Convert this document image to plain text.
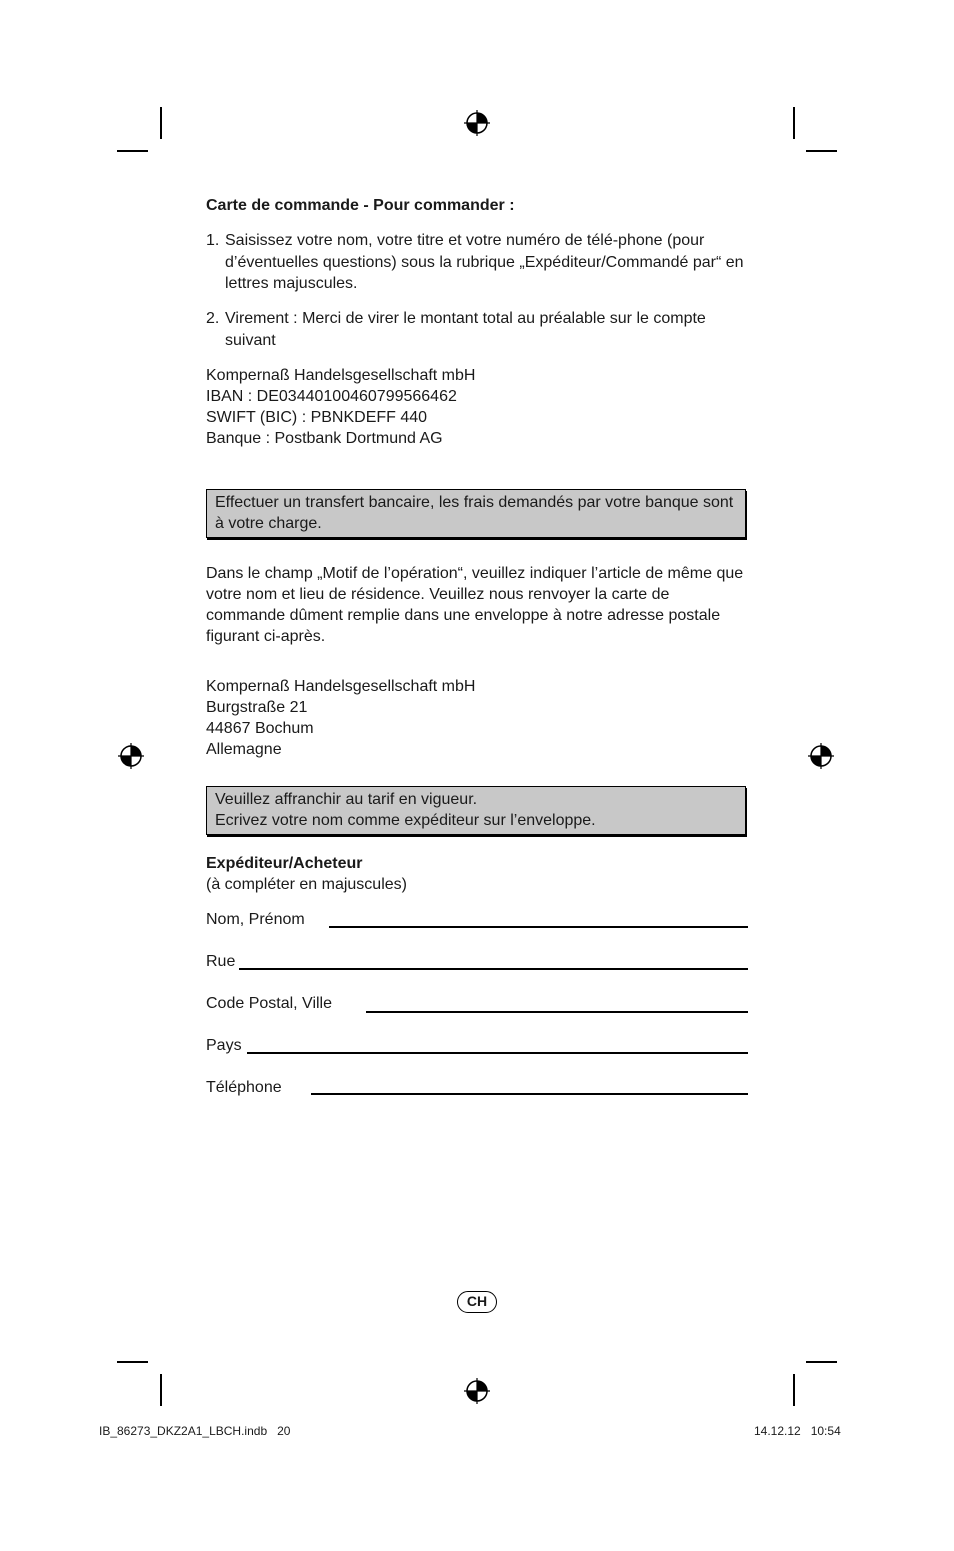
Carte de commande - Pour commander :
1. Saisissez votre nom, votre titre et votre numéro de télé-phone (pour d’éventuelles questions) sous la rubrique „Expéditeur/Commandé par“ en lettres majuscules.
2. Virement : Merci de virer le montant total au préalable sur le compte suivant
Kompernaß Handelsgesellschaft mbH
IBAN : DE03440100460799566462
SWIFT (BIC) : PBNKDEFF 440
Banque : Postbank Dortmund AG
Effectuer un transfert bancaire, les frais demandés par votre banque sont à votre charge.
Dans le champ „Motif de l’opération“, veuillez indiquer l’article de même que votre nom et lieu de résidence. Veuillez nous renvoyer la carte de commande dûment remplie dans une enveloppe à notre adresse postale figurant ci-après.
Kompernaß Handelsgesellschaft mbH
Burgstraße 21
44867 Bochum
Allemagne
Veuillez affranchir au tarif en vigueur.
Ecrivez votre nom comme expéditeur sur l’enveloppe.
Expéditeur/Acheteur
(à compléter en majuscules)
Nom, Prénom
Rue
Code Postal, Ville
Pays
Téléphone
CH
IB_86273_DKZ2A1_LBCH.indb   20	14.12.12   10:54
